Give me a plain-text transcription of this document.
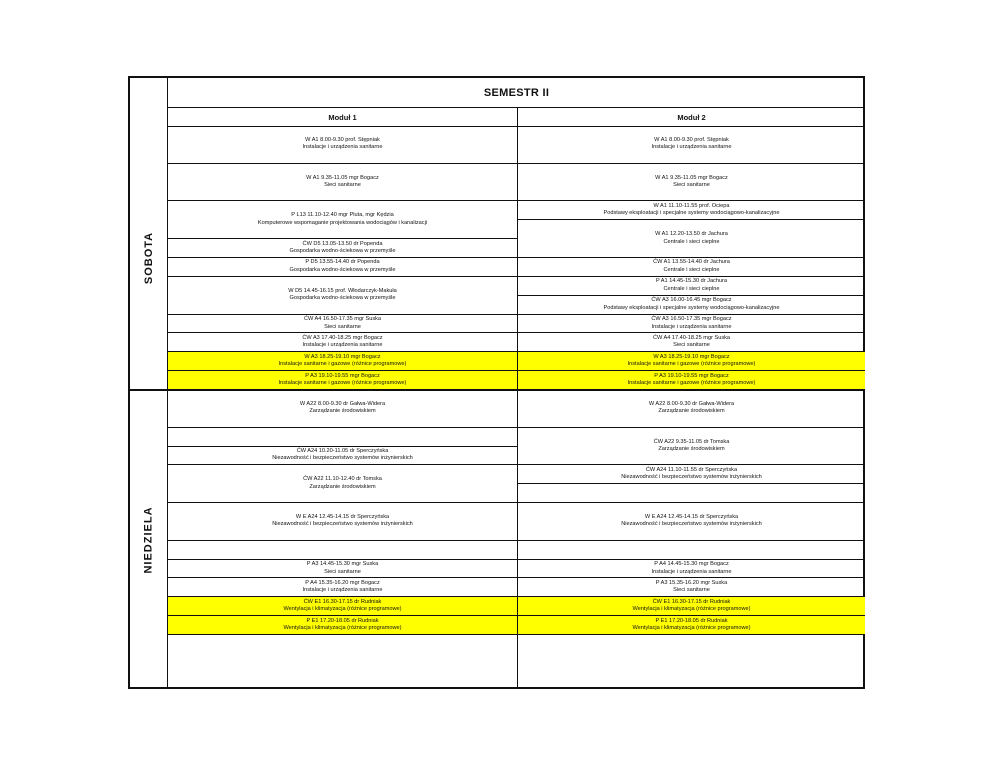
SEMESTR II
Moduł 1	Moduł 2
SOBOTA
NIEDZIELA
W A1 8.00-9.30 prof. Stępniak
Instalacje i urządzenia sanitarne
W A1 9.35-11.05 mgr Bogacz
Sieci sanitarne
P L13 11.10-12.40 mgr Pluta, mgr Kędzia
Komputerowe wspomaganie projektowania wodociągów i kanalizacji
ĆW D5 13.05-13.50 dr Popenda
Gospodarka wodno-ściekowa w przemyśle
P D5 13.55-14.40 dr Popenda
Gospodarka wodno-ściekowa w przemyśle
W D5 14.45-16.15 prof. Włodarczyk-Makuła
Gospodarka wodno-ściekowa w przemyśle
ĆW A4 16.50-17.35 mgr Suska
Sieci sanitarne
ĆW A3 17.40-18.25 mgr Bogacz
Instalacje i urządzenia sanitarne
W A3 18.25-19.10 mgr Bogacz
Instalacje sanitarne i gazowe (różnice programowe)
P A3 19.10-19.55 mgr Bogacz
Instalacje sanitarne i gazowe (różnice programowe)
W A22 8.00-9.30 dr Gałwa-Widera
Zarządzanie środowiskiem
ĆW A24 10.20-11.05 dr Sperczyńska
Niezawodność i bezpieczeństwo systemów inżynierskich
ĆW A22 11.10-12.40 dr Tomska
Zarządzanie środowiskiem
W E A24 12.45-14.15 dr Sperczyńska
Niezawodność i bezpieczeństwo systemów inżynierskich
P A3 14.45-15.30 mgr Suska
Sieci sanitarne
P A4 15.35-16.20 mgr Bogacz
Instalacje i urządzenia sanitarne
ĆW E1 16.30-17.15 dr Rudniak
Wentylacja i klimatyzacja (różnice programowe)
P E1 17.20-18.05 dr Rudniak
Wentylacja i klimatyzacja (różnice programowe)
W A1 8.00-9.30 prof. Stępniak
Instalacje i urządzenia sanitarne
W A1 9.35-11.05 mgr Bogacz
Sieci sanitarne
W A1 11.10-11.55 prof. Ociepa
Podstawy eksploatacji i specjalne systemy wodociągowo-kanalizacyjne
W A1 12.20-13.50 dr Jachura
Centrale i sieci cieplne
ĆW A1 13.55-14.40 dr Jachura
Centrale i sieci cieplne
P A1 14.45-15.30 dr Jachura
Centrale i sieci cieplne
ĆW A3 16.00-16.45 mgr Bogacz
Podstawy eksploatacji i specjalne systemy wodociągowo-kanalizacyjne
ĆW A3 16.50-17.35 mgr Bogacz
Instalacje i urządzenia sanitarne
ĆW A4 17.40-18.25 mgr Suska
Sieci sanitarne
W A3 18.25-19.10 mgr Bogacz
Instalacje sanitarne i gazowe (różnice programowe)
P A3 19.10-19.55 mgr Bogacz
Instalacje sanitarne i gazowe (różnice programowe)
W A22 8.00-9.30 dr Gałwa-Widera
Zarządzanie środowiskiem
ĆW A22 9.35-11.05 dr Tomska
Zarządzanie środowiskiem
ĆW A24 11.10-11.55 dr Sperczyńska
Niezawodność i bezpieczeństwo systemów inżynierskich
W E A24 12.45-14.15 dr Sperczyńska
Niezawodność i bezpieczeństwo systemów inżynierskich
P A4 14.45-15.30 mgr Bogacz
Instalacje i urządzenia sanitarne
P A3 15.35-16.20 mgr Suska
Sieci sanitarne
ĆW E1 16.30-17.15 dr Rudniak
Wentylacja i klimatyzacja (różnice programowe)
P E1 17.20-18.05 dr Rudniak
Wentylacja i klimatyzacja (różnice programowe)
